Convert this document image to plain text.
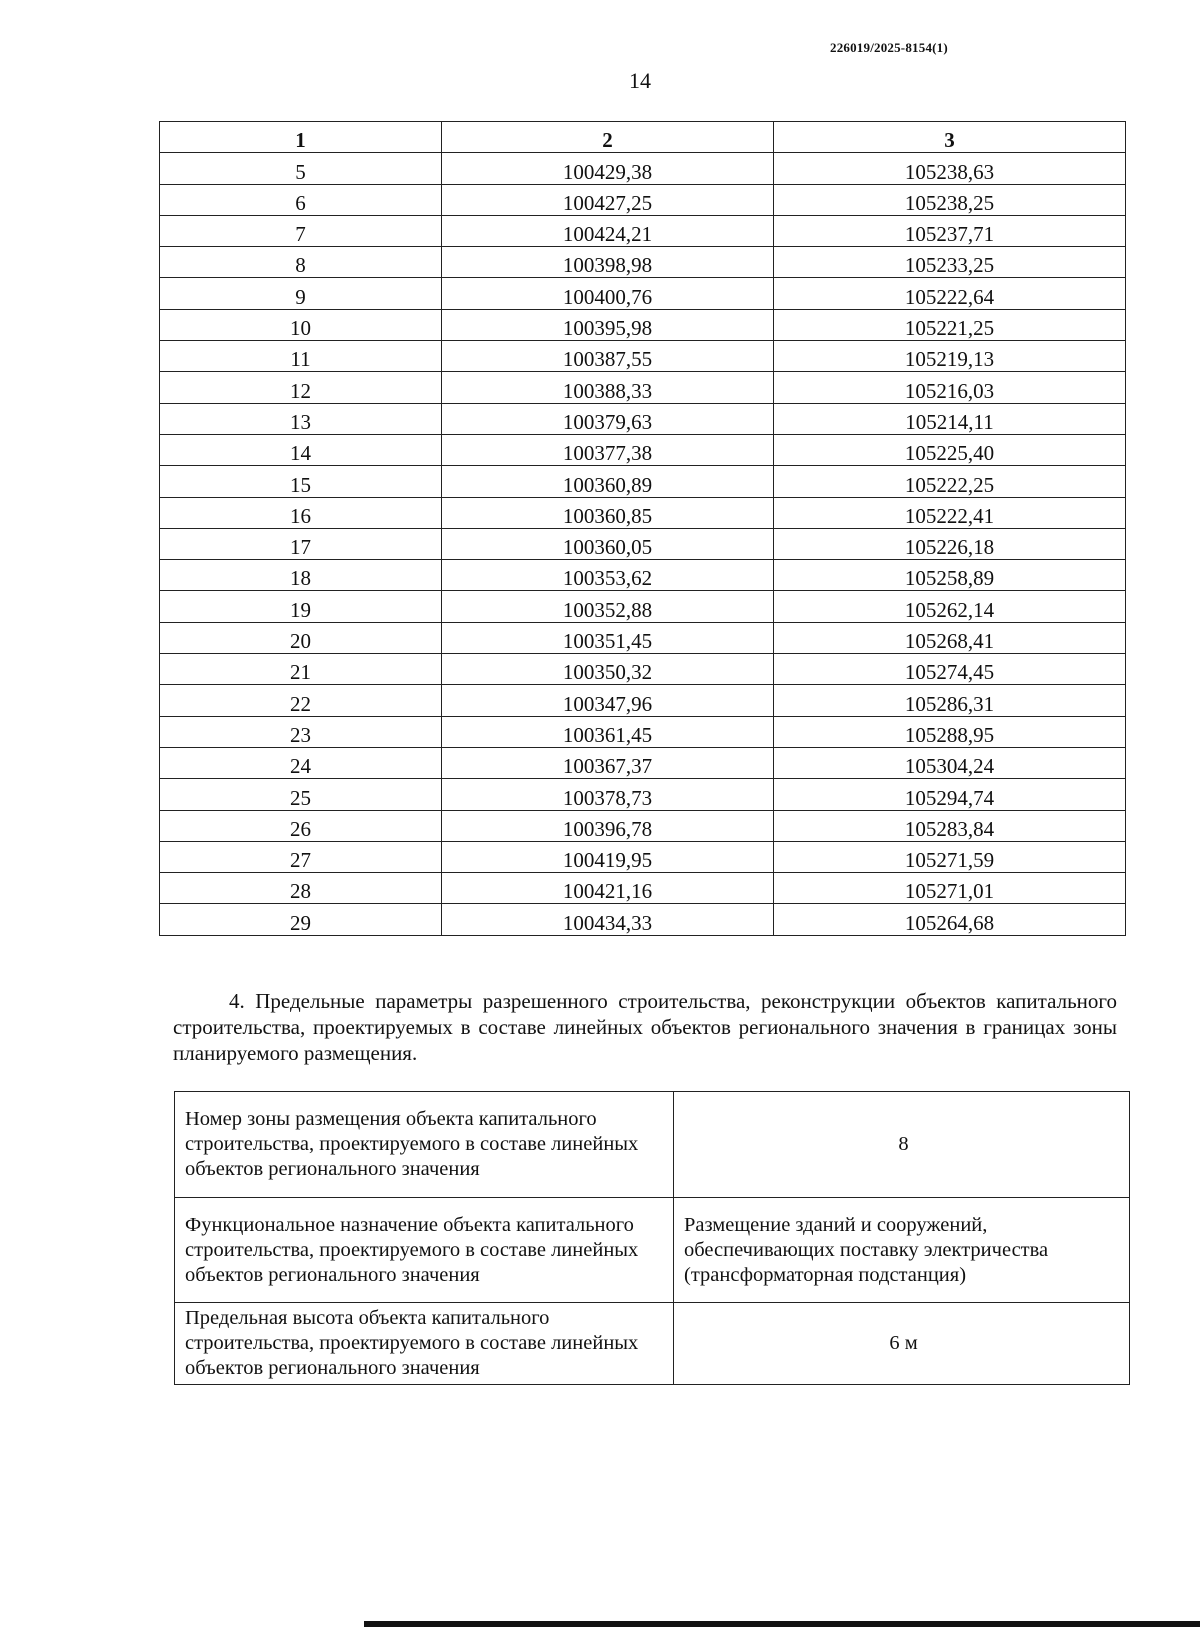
226019/2025-8154(1)
14
1	2	3
5	100429,38	105238,63
6	100427,25	105238,25
7	100424,21	105237,71
8	100398,98	105233,25
9	100400,76	105222,64
10	100395,98	105221,25
11	100387,55	105219,13
12	100388,33	105216,03
13	100379,63	105214,11
14	100377,38	105225,40
15	100360,89	105222,25
16	100360,85	105222,41
17	100360,05	105226,18
18	100353,62	105258,89
19	100352,88	105262,14
20	100351,45	105268,41
21	100350,32	105274,45
22	100347,96	105286,31
23	100361,45	105288,95
24	100367,37	105304,24
25	100378,73	105294,74
26	100396,78	105283,84
27	100419,95	105271,59
28	100421,16	105271,01
29	100434,33	105264,68
4. Предельные параметры разрешенного строительства, реконструкции объектов капитального строительства, проектируемых в составе линейных объектов регионального значения в границах зоны планируемого размещения.
Номер зоны размещения объекта капитального строительства, проектируемого в составе линейных объектов регионального значения	8
Функциональное назначение объекта капитального строительства, проектируемого в составе линейных объектов регионального значения	Размещение зданий и сооружений, обеспечивающих поставку электричества (трансформаторная подстанция)
Предельная высота объекта капитального строительства, проектируемого в составе линейных объектов регионального значения	6 м
